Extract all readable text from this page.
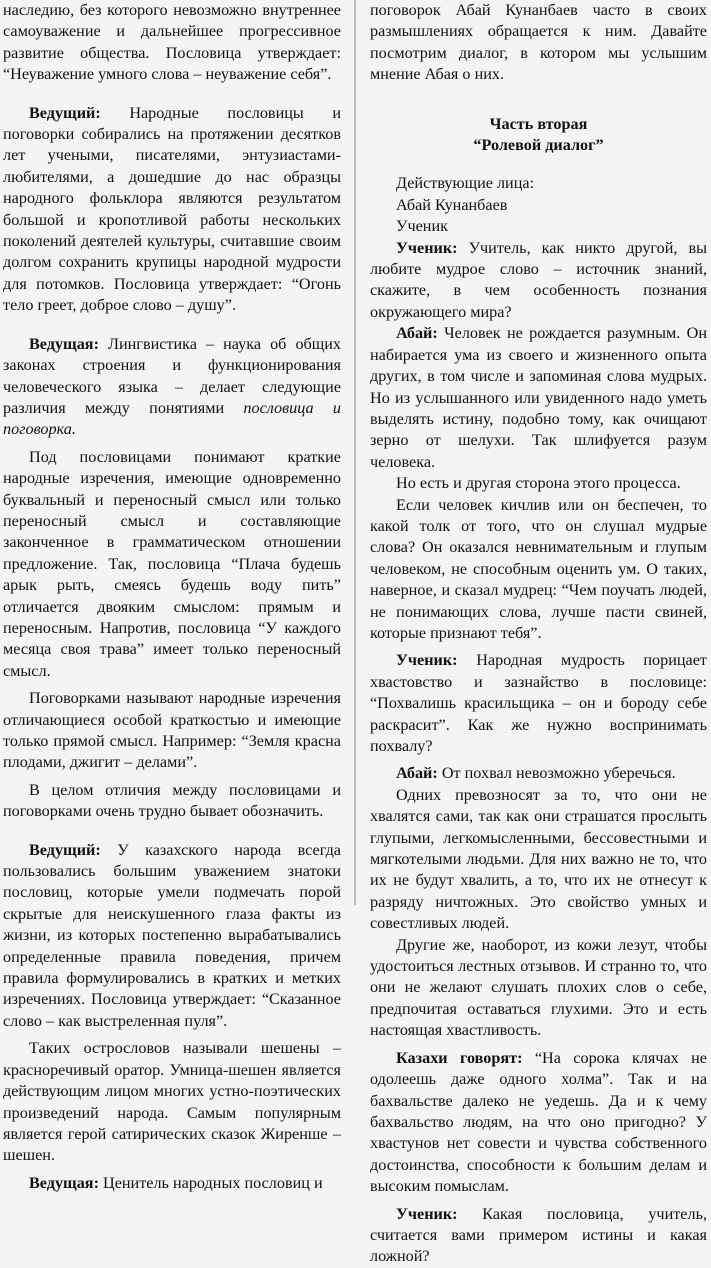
наследию, без которого невозможно внутреннее самоуважение и дальнейшее прогрессивное развитие общества. Пословица утверждает: “Неуважение умного слова – неуважение себя”.

Ведущий: Народные пословицы и поговорки собирались на протяжении десятков лет учеными, писателями, энтузиастами-любителями, а дошедшие до нас образцы народного фольклора являются результатом большой и кропотливой работы нескольких поколений деятелей культуры, считавшие своим долгом сохранить крупицы народной мудрости для потомков. Пословица утверждает: “Огонь тело греет, доброе слово – душу”.

Ведущая: Лингвистика – наука об общих законах строения и функционирования человеческого языка – делает следующие различия между понятиями пословица и поговорка.

Под пословицами понимают краткие народные изречения, имеющие одновременно буквальный и переносный смысл или только переносный смысл и составляющие законченное в грамматическом отношении предложение. Так, пословица “Плача будешь арык рыть, смеясь будешь воду пить” отличается двояким смыслом: прямым и переносным. Напротив, пословица “У каждого месяца своя трава” имеет только переносный смысл.

Поговорками называют народные изречения отличающиеся особой краткостью и имеющие только прямой смысл. Например: “Земля красна плодами, джигит – делами”.

В целом отличия между пословицами и поговорками очень трудно бывает обозначить.

Ведущий: У казахского народа всегда пользовались большим уважением знатоки пословиц, которые умели подмечать порой скрытые для неискушенного глаза факты из жизни, из которых постепенно вырабатывались определенные правила поведения, причем правила формулировались в кратких и метких изречениях. Пословица утверждает: “Сказанное слово – как выстреленная пуля”.

Таких острословов называли шешены – красноречивый оратор. Умница-шешен является действующим лицом многих устно-поэтических произведений народа. Самым популярным является герой сатирических сказок Жиренше – шешен.

Ведущая: Ценитель народных пословиц и

поговорок Абай Кунанбаев часто в своих размышлениях обращается к ним. Давайте посмотрим диалог, в котором мы услышим мнение Абая о них.

Часть вторая

“Ролевой диалог”

Действующие лица:

Абай Кунанбаев

Ученик

Ученик: Учитель, как никто другой, вы любите мудрое слово – источник знаний, скажите, в чем особенность познания окружающего мира?

Абай: Человек не рождается разумным. Он набирается ума из своего и жизненного опыта других, в том числе и запоминая слова мудрых. Но из услышанного или увиденного надо уметь выделять истину, подобно тому, как очищают зерно от шелухи. Так шлифуется разум человека.

Но есть и другая сторона этого процесса.

Если человек кичлив или он беспечен, то какой толк от того, что он слушал мудрые слова? Он оказался невнимательным и глупым человеком, не способным оценить ум. О таких, наверное, и сказал мудрец: “Чем поучать людей, не понимающих слова, лучше пасти свиней, которые признают тебя”.

Ученик: Народная мудрость порицает хвастовство и зазнайство в пословице: “Похвалишь красильщика – он и бороду себе раскрасит”. Как же нужно воспринимать похвалу?

Абай: От похвал невозможно уберечься.

Одних превозносят за то, что они не хвалятся сами, так как они страшатся прослыть глупыми, легкомысленными, бессовестными и мягкотелыми людьми. Для них важно не то, что их не будут хвалить, а то, что их не отнесут к разряду ничтожных. Это свойство умных и совестливых людей.

Другие же, наоборот, из кожи лезут, чтобы удостоиться лестных отзывов. И странно то, что они не желают слушать плохих слов о себе, предпочитая оставаться глухими. Это и есть настоящая хвастливость.

Казахи говорят: “На сорока клячах не одолеешь даже одного холма”. Так и на бахвальстве далеко не уедешь. Да и к чему бахвальство людям, на что оно пригодно? У хвастунов нет совести и чувства собственного достоинства, способности к большим делам и высоким помыслам.

Ученик: Какая пословица, учитель, считается вами примером истины и какая ложной?
